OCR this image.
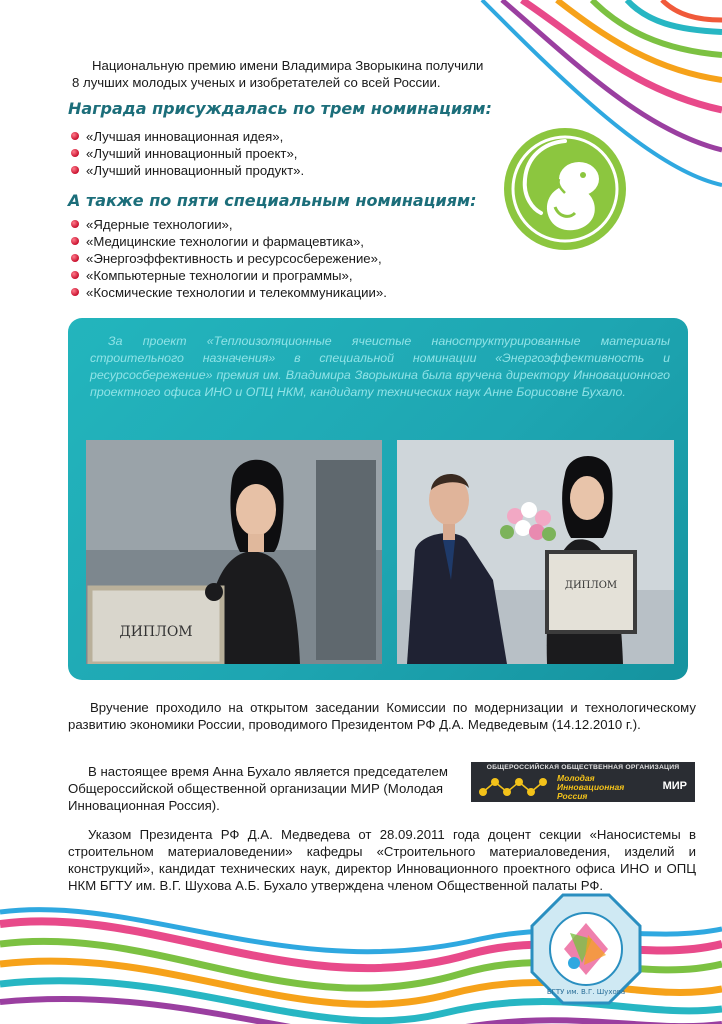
Национальную премию имени Владимира Зворыкина получили 8 лучших молодых ученых и изобретателей со всей России.
Награда присуждалась по трем номинациям:
«Лучшая инновационная идея»,
«Лучший инновационный проект»,
«Лучший инновационный продукт».
А также по пяти специальным номинациям:
«Ядерные технологии»,
«Медицинские технологии и фармацевтика»,
«Энергоэффективность и ресурсосбережение»,
«Компьютерные технологии и программы»,
«Космические технологии и телекоммуникации».
За проект «Теплоизоляционные ячеистые наноструктурированные материалы строительного назначения» в специальной номинации «Энергоэффективность и ресурсосбережение» премия им. Владимира Зворыкина была вручена директору Инновационного проектного офиса ИНО и ОПЦ НКМ, кандидату технических наук Анне Борисовне Бухало.
ДИПЛОМ
ДИПЛОМ
Вручение проходило на открытом заседании Комиссии по модернизации и технологическому развитию экономики России, проводимого Президентом РФ Д.А. Медведевым (14.12.2010 г.).
В настоящее время Анна Бухало является председателем Общероссийской общественной организации МИР (Молодая Инновационная Россия).
ОБЩЕРОССИЙСКАЯ ОБЩЕСТВЕННАЯ ОРГАНИЗАЦИЯ
Молодая
Инновационная
Россия
МИР
Указом Президента РФ Д.А. Медведева от 28.09.2011 года доцент секции «Наносистемы в строительном материаловедении» кафедры «Строительного материаловедения, изделий и конструкций», кандидат технических наук, директор Инновационного проектного офиса ИНО и ОПЦ НКМ БГТУ им. В.Г. Шухова А.Б. Бухало утверждена членом Общественной палаты РФ.
БГТУ им. В.Г. Шухова
